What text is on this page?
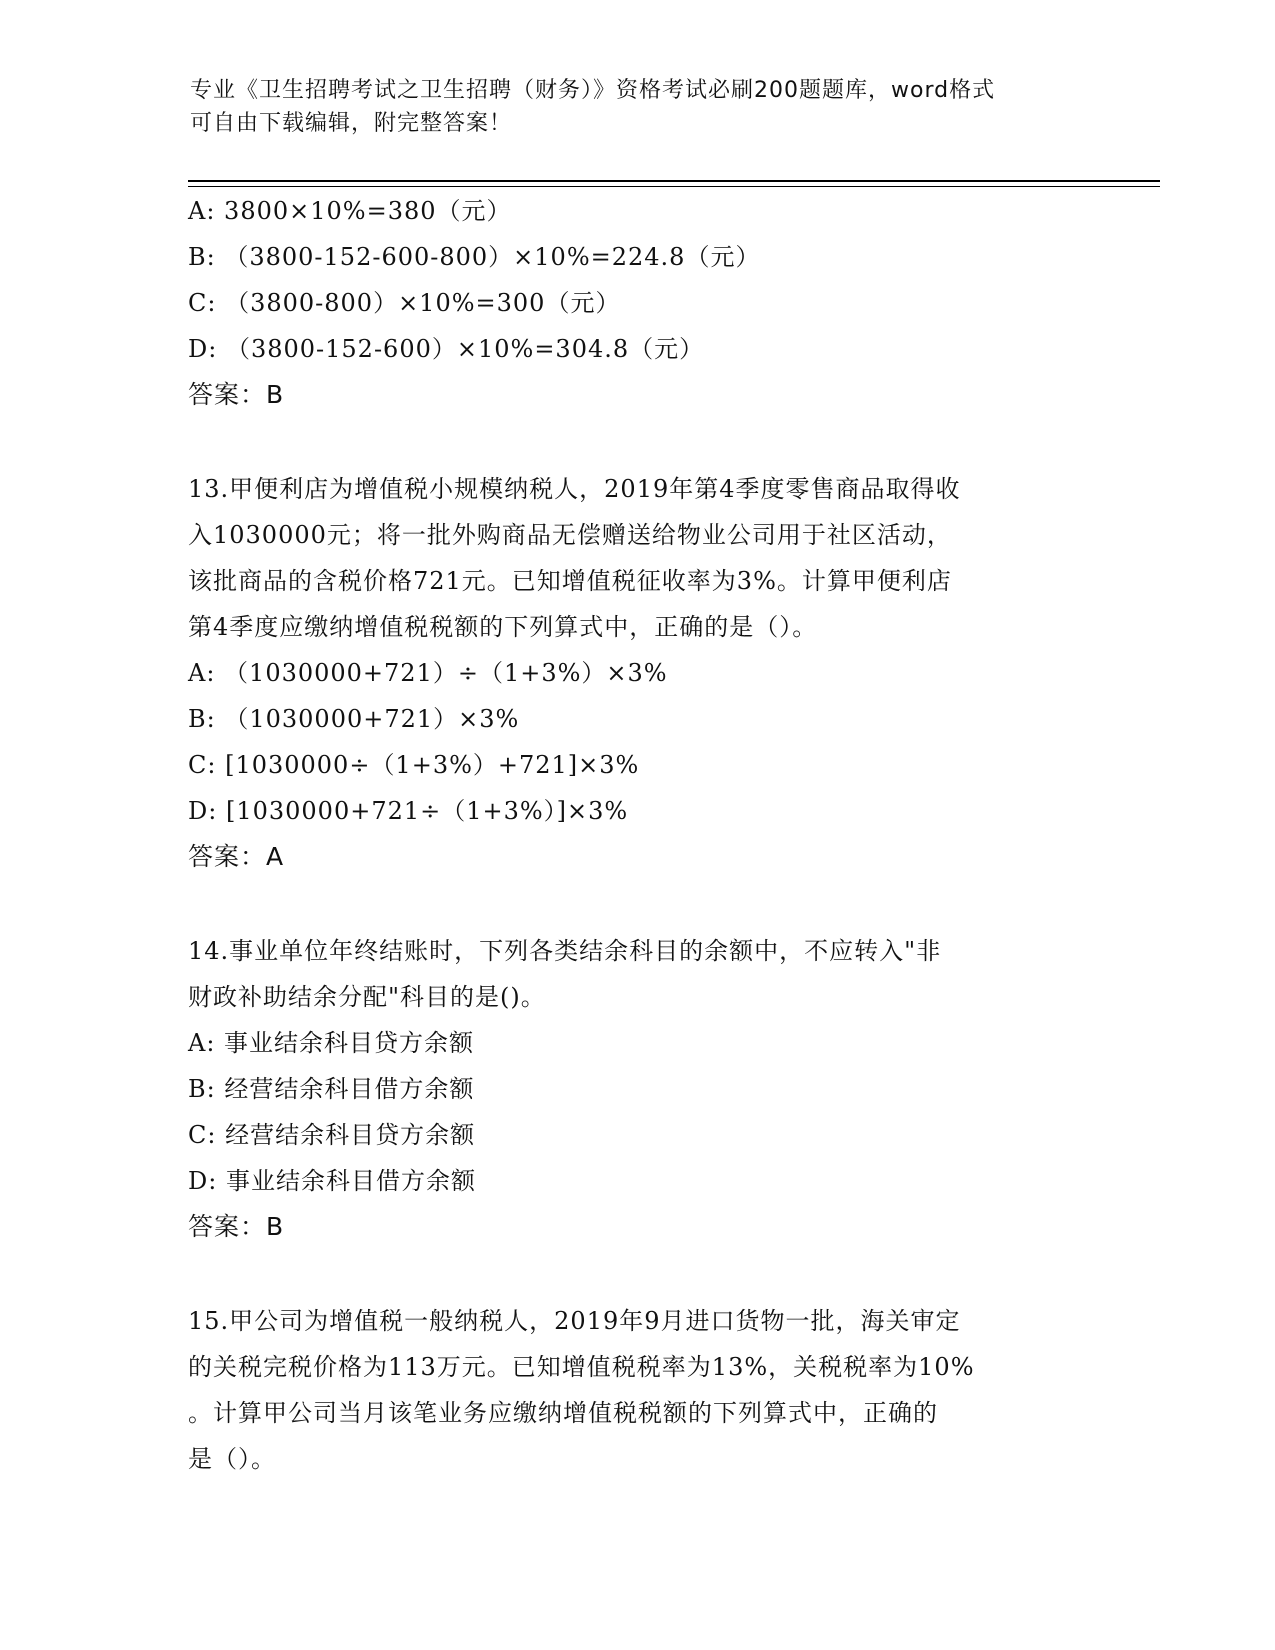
专业《卫生招聘考试之卫生招聘（财务）》资格考试必刷200题题库，word格式
可自由下载编辑，附完整答案！
A: 3800×10%=380（元）
B: （3800-152-600-800）×10%=224.8（元）
C: （3800-800）×10%=300（元）
D: （3800-152-600）×10%=304.8（元）
答案：B
13.甲便利店为增值税小规模纳税人，2019年第4季度零售商品取得收
入1030000元；将一批外购商品无偿赠送给物业公司用于社区活动，
该批商品的含税价格721元。已知增值税征收率为3%。计算甲便利店
第4季度应缴纳增值税税额的下列算式中，正确的是（）。
A: （1030000+721）÷（1+3%）×3%
B: （1030000+721）×3%
C: [1030000÷（1+3%）+721]×3%
D: [1030000+721÷（1+3%）]×3%
答案：A
14.事业单位年终结账时，下列各类结余科目的余额中，不应转入"非
财政补助结余分配"科目的是()。
A: 事业结余科目贷方余额
B: 经营结余科目借方余额
C: 经营结余科目贷方余额
D: 事业结余科目借方余额
答案：B
15.甲公司为增值税一般纳税人，2019年9月进口货物一批，海关审定
的关税完税价格为113万元。已知增值税税率为13%，关税税率为10%
。计算甲公司当月该笔业务应缴纳增值税税额的下列算式中，正确的
是（）。
